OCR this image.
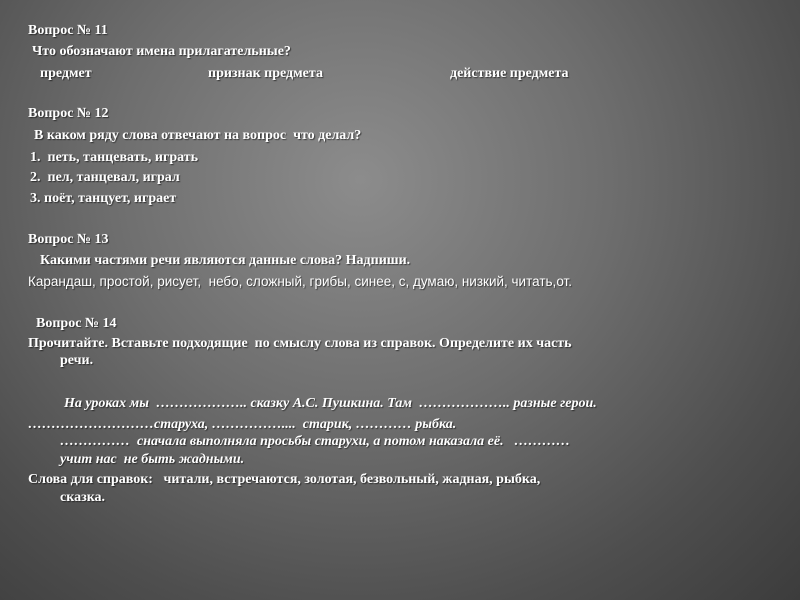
Вопрос № 11
Что обозначают имена прилагательные?
предмет	признак предмета	действие предмета
Вопрос № 12
В каком ряду слова отвечают на вопрос  что делал?
1.  петь, танцевать, играть
2.  пел, танцевал, играл
3. поёт, танцует, играет
Вопрос № 13
Какими частями речи являются данные слова? Надпиши.
Карандаш, простой, рисует,  небо, сложный, грибы, синее, с, думаю, низкий, читать,от.
Вопрос № 14
Прочитайте. Вставьте подходящие  по смыслу слова из справок. Определите их часть
речи.
На уроках мы  ……………….. сказку А.С. Пушкина. Там  ……………….. разные герои.
………………………старуха, ……………....  старик, ………… рыбка.
……………  сначала выполняла просьбы старухи, а потом наказала её.   …………
учит нас  не быть жадными.
Слова для справок:   читали, встречаются, золотая, безвольный, жадная, рыбка,
сказка.
